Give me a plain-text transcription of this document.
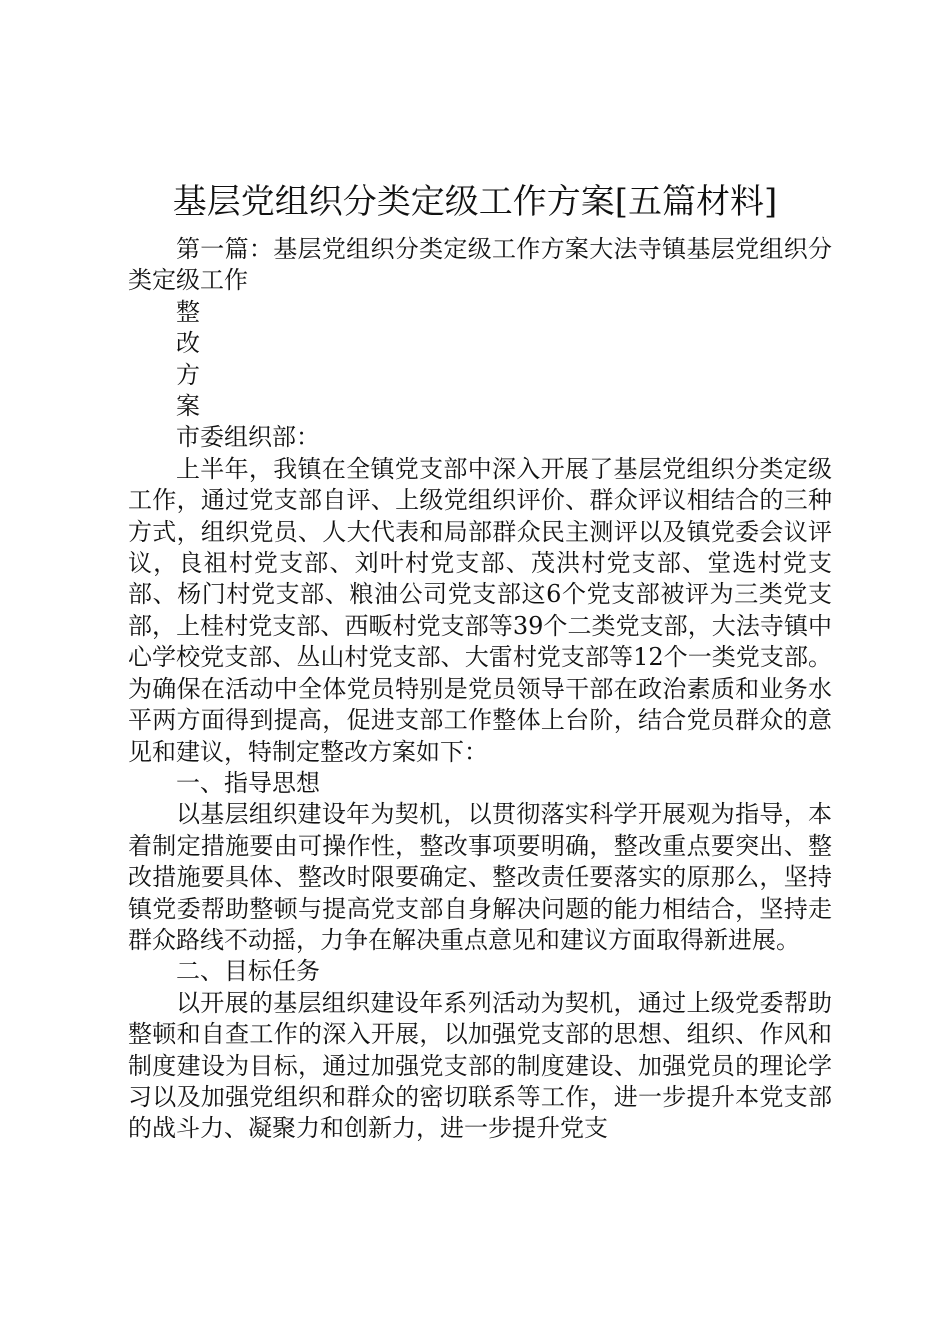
基层党组织分类定级工作方案[五篇材料]

第一篇：基层党组织分类定级工作方案大法寺镇基层党组织分类定级工作

整

改

方

案

市委组织部：

上半年，我镇在全镇党支部中深入开展了基层党组织分类定级工作，通过党支部自评、上级党组织评价、群众评议相结合的三种方式，组织党员、人大代表和局部群众民主测评以及镇党委会议评议，良祖村党支部、刘叶村党支部、茂洪村党支部、堂选村党支部、杨门村党支部、粮油公司党支部这6个党支部被评为三类党支部，上桂村党支部、西畈村党支部等39个二类党支部，大法寺镇中心学校党支部、丛山村党支部、大雷村党支部等12个一类党支部。为确保在活动中全体党员特别是党员领导干部在政治素质和业务水平两方面得到提高，促进支部工作整体上台阶，结合党员群众的意见和建议，特制定整改方案如下：

一、指导思想

以基层组织建设年为契机，以贯彻落实科学开展观为指导，本着制定措施要由可操作性，整改事项要明确，整改重点要突出、整改措施要具体、整改时限要确定、整改责任要落实的原那么，坚持镇党委帮助整顿与提高党支部自身解决问题的能力相结合，坚持走群众路线不动摇，力争在解决重点意见和建议方面取得新进展。

二、目标任务

以开展的基层组织建设年系列活动为契机，通过上级党委帮助整顿和自查工作的深入开展，以加强党支部的思想、组织、作风和制度建设为目标，通过加强党支部的制度建设、加强党员的理论学习以及加强党组织和群众的密切联系等工作，进一步提升本党支部的战斗力、凝聚力和创新力，进一步提升党支
